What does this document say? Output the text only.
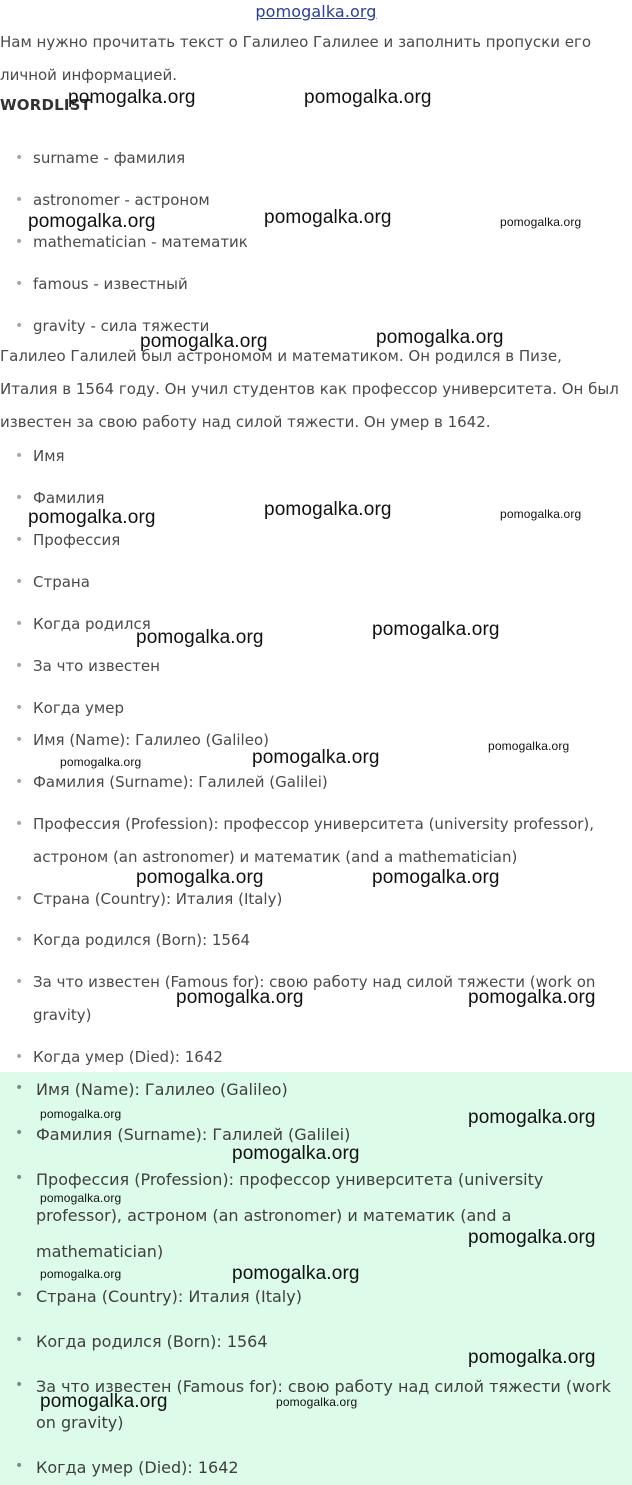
pomogalka.org

Нам нужно прочитать текст о Галилео Галилее и заполнить пропуски его личной информацией.

WORDLIST
• surname - фамилия
• astronomer - астроном
• mathematician - математик
• famous - известный
• gravity - сила тяжести

Галилео Галилей был астрономом и математиком. Он родился в Пизе, Италия в 1564 году. Он учил студентов как профессор университета. Он был известен за свою работу над силой тяжести. Он умер в 1642.

• Имя
• Фамилия
• Профессия
• Страна
• Когда родился
• За что известен
• Когда умер
• Имя (Name): Галилео (Galileo)
• Фамилия (Surname): Галилей (Galilei)
• Профессия (Profession): профессор университета (university professor), астроном (an astronomer) и математик (and a mathematician)
• Страна (Country): Италия (Italy)
• Когда родился (Born): 1564
• За что известен (Famous for): свою работу над силой тяжести (work on gravity)
• Когда умер (Died): 1642
• Имя (Name): Галилео (Galileo)
• Фамилия (Surname): Галилей (Galilei)
• Профессия (Profession): профессор университета (university professor), астроном (an astronomer) и математик (and a mathematician)
• Страна (Country): Италия (Italy)
• Когда родился (Born): 1564
• За что известен (Famous for): свою работу над силой тяжести (work on gravity)
• Когда умер (Died): 1642
pomogalka.org	pomogalka.org
pomogalka.org	pomogalka.org	pomogalka.org
pomogalka.org	pomogalka.org
pomogalka.org	pomogalka.org	pomogalka.org
pomogalka.org	pomogalka.org
pomogalka.org	pomogalka.org
pomogalka.org
pomogalka.org	pomogalka.org
pomogalka.org	pomogalka.org
pomogalka.org	pomogalka.org
pomogalka.org
pomogalka.org
pomogalka.org
pomogalka.org	pomogalka.org
pomogalka.org
pomogalka.org	pomogalka.org
